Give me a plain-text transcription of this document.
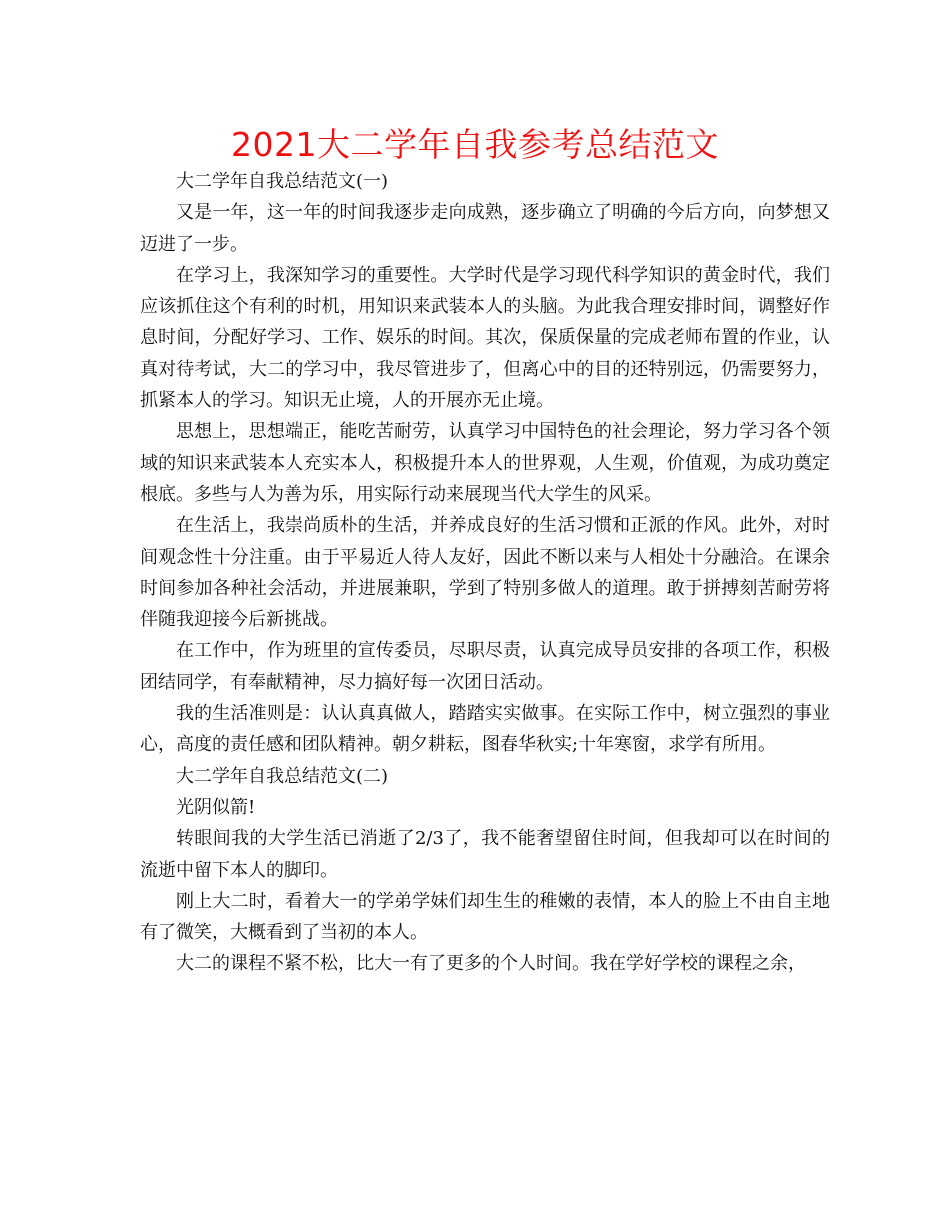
2021大二学年自我参考总结范文

大二学年自我总结范文(一)

又是一年，这一年的时间我逐步走向成熟，逐步确立了明确的今后方向，向梦想又迈进了一步。

在学习上，我深知学习的重要性。大学时代是学习现代科学知识的黄金时代，我们应该抓住这个有利的时机，用知识来武装本人的头脑。为此我合理安排时间，调整好作息时间，分配好学习、工作、娱乐的时间。其次，保质保量的完成老师布置的作业，认真对待考试，大二的学习中，我尽管进步了，但离心中的目的还特别远，仍需要努力，抓紧本人的学习。知识无止境，人的开展亦无止境。

思想上，思想端正，能吃苦耐劳，认真学习中国特色的社会理论，努力学习各个领域的知识来武装本人充实本人，积极提升本人的世界观，人生观，价值观，为成功奠定根底。多些与人为善为乐，用实际行动来展现当代大学生的风采。

在生活上，我崇尚质朴的生活，并养成良好的生活习惯和正派的作风。此外，对时间观念性十分注重。由于平易近人待人友好，因此不断以来与人相处十分融洽。在课余时间参加各种社会活动，并进展兼职，学到了特别多做人的道理。敢于拼搏刻苦耐劳将伴随我迎接今后新挑战。

在工作中，作为班里的宣传委员，尽职尽责，认真完成导员安排的各项工作，积极团结同学，有奉献精神，尽力搞好每一次团日活动。

我的生活准则是：认认真真做人，踏踏实实做事。在实际工作中，树立强烈的事业心，高度的责任感和团队精神。朝夕耕耘，图春华秋实;十年寒窗，求学有所用。

大二学年自我总结范文(二)

光阴似箭!

转眼间我的大学生活已消逝了2/3了，我不能奢望留住时间，但我却可以在时间的流逝中留下本人的脚印。

刚上大二时，看着大一的学弟学妹们却生生的稚嫩的表情，本人的脸上不由自主地有了微笑，大概看到了当初的本人。

大二的课程不紧不松，比大一有了更多的个人时间。我在学好学校的课程之余，
